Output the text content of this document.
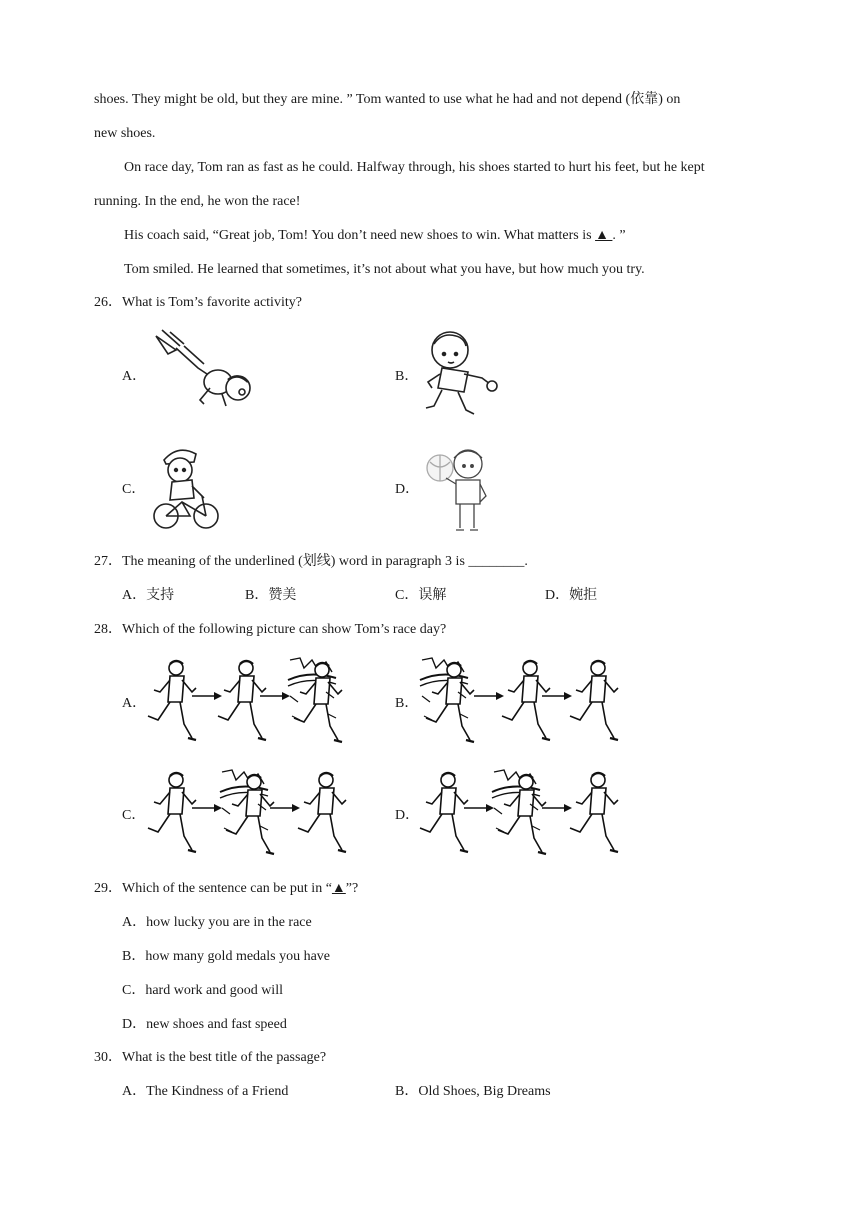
shoes. They might be old, but they are mine. ” Tom wanted to use what he had and not depend (依靠) on
new shoes.
On race day, Tom ran as fast as he could. Halfway through, his shoes started to hurt his feet, but he kept
running. In the end, he won the race!
His coach said, “Great job, Tom! You don’t need new shoes to win. What matters is ▲ . ”
Tom smiled. He learned that sometimes, it’s not about what you have, but how much you try.
26．What is Tom’s favorite activity?
A．	B．
C．	D．
27．The meaning of the underlined (划线) word in paragraph 3 is ________.
A．支持	B．赞美	C．误解	D．婉拒
28．Which of the following picture can show Tom’s race day?
A．	B．
C．	D．
29．Which of the sentence can be put in “▲”?
A．how lucky you are in the race
B．how many gold medals you have
C．hard work and good will
D．new shoes and fast speed
30．What is the best title of the passage?
A．The Kindness of a Friend	B．Old Shoes, Big Dreams
